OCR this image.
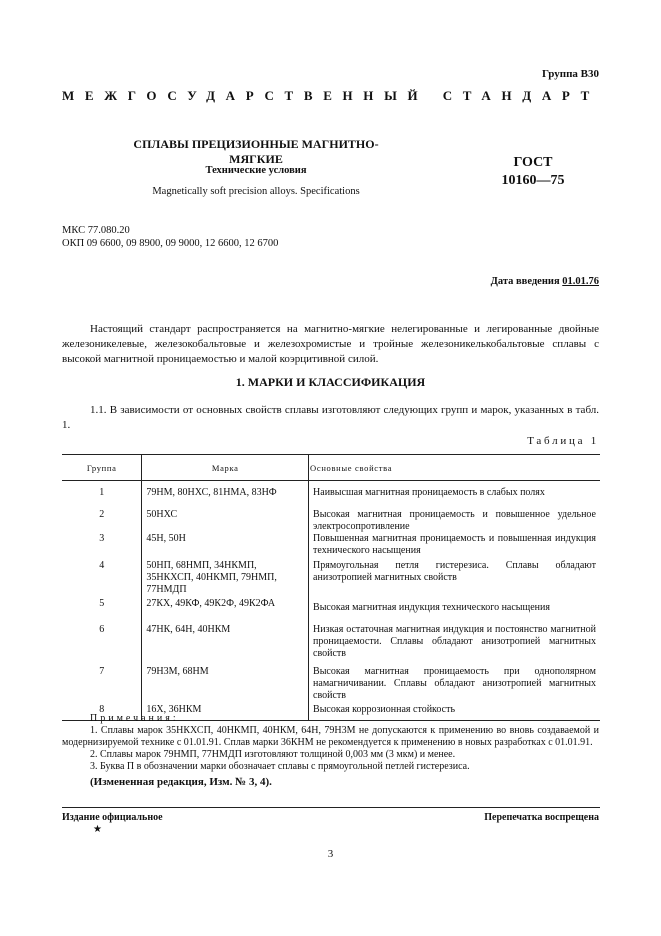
Группа В30
МЕЖГОСУДАРСТВЕННЫЙ	СТАНДАРТ
СПЛАВЫ ПРЕЦИЗИОННЫЕ МАГНИТНО-МЯГКИЕ
Технические условия
Magnetically soft precision alloys. Specifications
ГОСТ
10160—75
МКС 77.080.20
ОКП 09 6600, 09 8900, 09 9000, 12 6600, 12 6700
Дата введения 01.01.76
Настоящий стандарт распространяется на магнитно-мягкие нелегированные и легированные двойные железоникелевые, железокобальтовые и железохромистые и тройные железоникелькобальтовые сплавы с высокой магнитной проницаемостью и малой коэрцитивной силой.
1. МАРКИ И КЛАССИФИКАЦИЯ
1.1. В зависимости от основных свойств сплавы изготовляют следующих групп и марок, указанных в табл. 1.
Таблица 1
Группа	Марка	Основные свойства
1	79НМ, 80НХС, 81НМА, 83НФ	Наивысшая магнитная проницаемость в слабых полях
2	50НХС	Высокая магнитная проницаемость и повышенное удельное электросопротивление
3	45Н, 50Н	Повышенная магнитная проницаемость и повышенная индукция технического насыщения
4	50НП, 68НМП, 34НКМП, 35НКХСП, 40НКМП, 79НМП, 77НМДП	Прямоугольная петля гистерезиса. Сплавы обладают анизотропией магнитных свойств
5	27КХ, 49КФ, 49К2Ф, 49К2ФА	Высокая магнитная индукция технического насыщения
6	47НК, 64Н, 40НКМ	Низкая остаточная магнитная индукция и постоянство магнитной проницаемости. Сплавы обладают анизотропией магнитных свойств
7	79Н3М, 68НМ	Высокая магнитная проницаемость при однополярном намагничивании. Сплавы обладают анизотропией магнитных свойств
8	16Х, 36НКМ	Высокая коррозионная стойкость

Примечания:

1. Сплавы марок 35НКХСП, 40НКМП, 40НКМ, 64Н, 79Н3М не допускаются к применению во вновь создаваемой и модернизируемой технике с 01.01.91. Сплав марки 36КНМ не рекомендуется к применению в новых разработках с 01.01.91.

2. Сплавы марок 79НМП, 77НМДП изготовляют толщиной 0,003 мм (3 мкм) и менее.

3. Буква П в обозначении марки обозначает сплавы с прямоугольной петлей гистерезиса.

(Измененная редакция, Изм. № 3, 4).

Издание официальное
★
Перепечатка воспрещена
3
